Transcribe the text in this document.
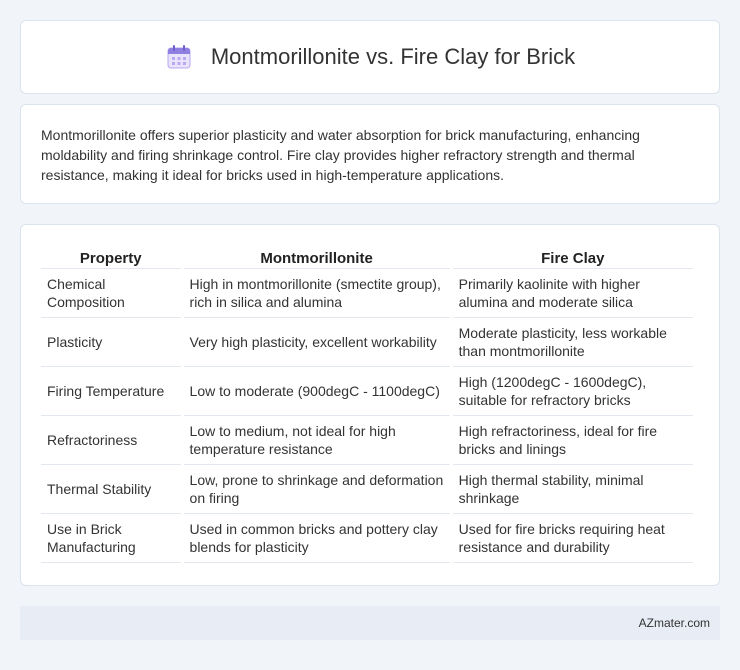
Montmorillonite vs. Fire Clay for Brick

Montmorillonite offers superior plasticity and water absorption for brick manufacturing, enhancing moldability and firing shrinkage control. Fire clay provides higher refractory strength and thermal resistance, making it ideal for bricks used in high-temperature applications.

Property	Montmorillonite	Fire Clay
Chemical Composition	High in montmorillonite (smectite group), rich in silica and alumina	Primarily kaolinite with higher alumina and moderate silica
Plasticity	Very high plasticity, excellent workability	Moderate plasticity, less workable than montmorillonite
Firing Temperature	Low to moderate (900degC - 1100degC)	High (1200degC - 1600degC), suitable for refractory bricks
Refractoriness	Low to medium, not ideal for high temperature resistance	High refractoriness, ideal for fire bricks and linings
Thermal Stability	Low, prone to shrinkage and deformation on firing	High thermal stability, minimal shrinkage
Use in Brick Manufacturing	Used in common bricks and pottery clay blends for plasticity	Used for fire bricks requiring heat resistance and durability
AZmater.com
